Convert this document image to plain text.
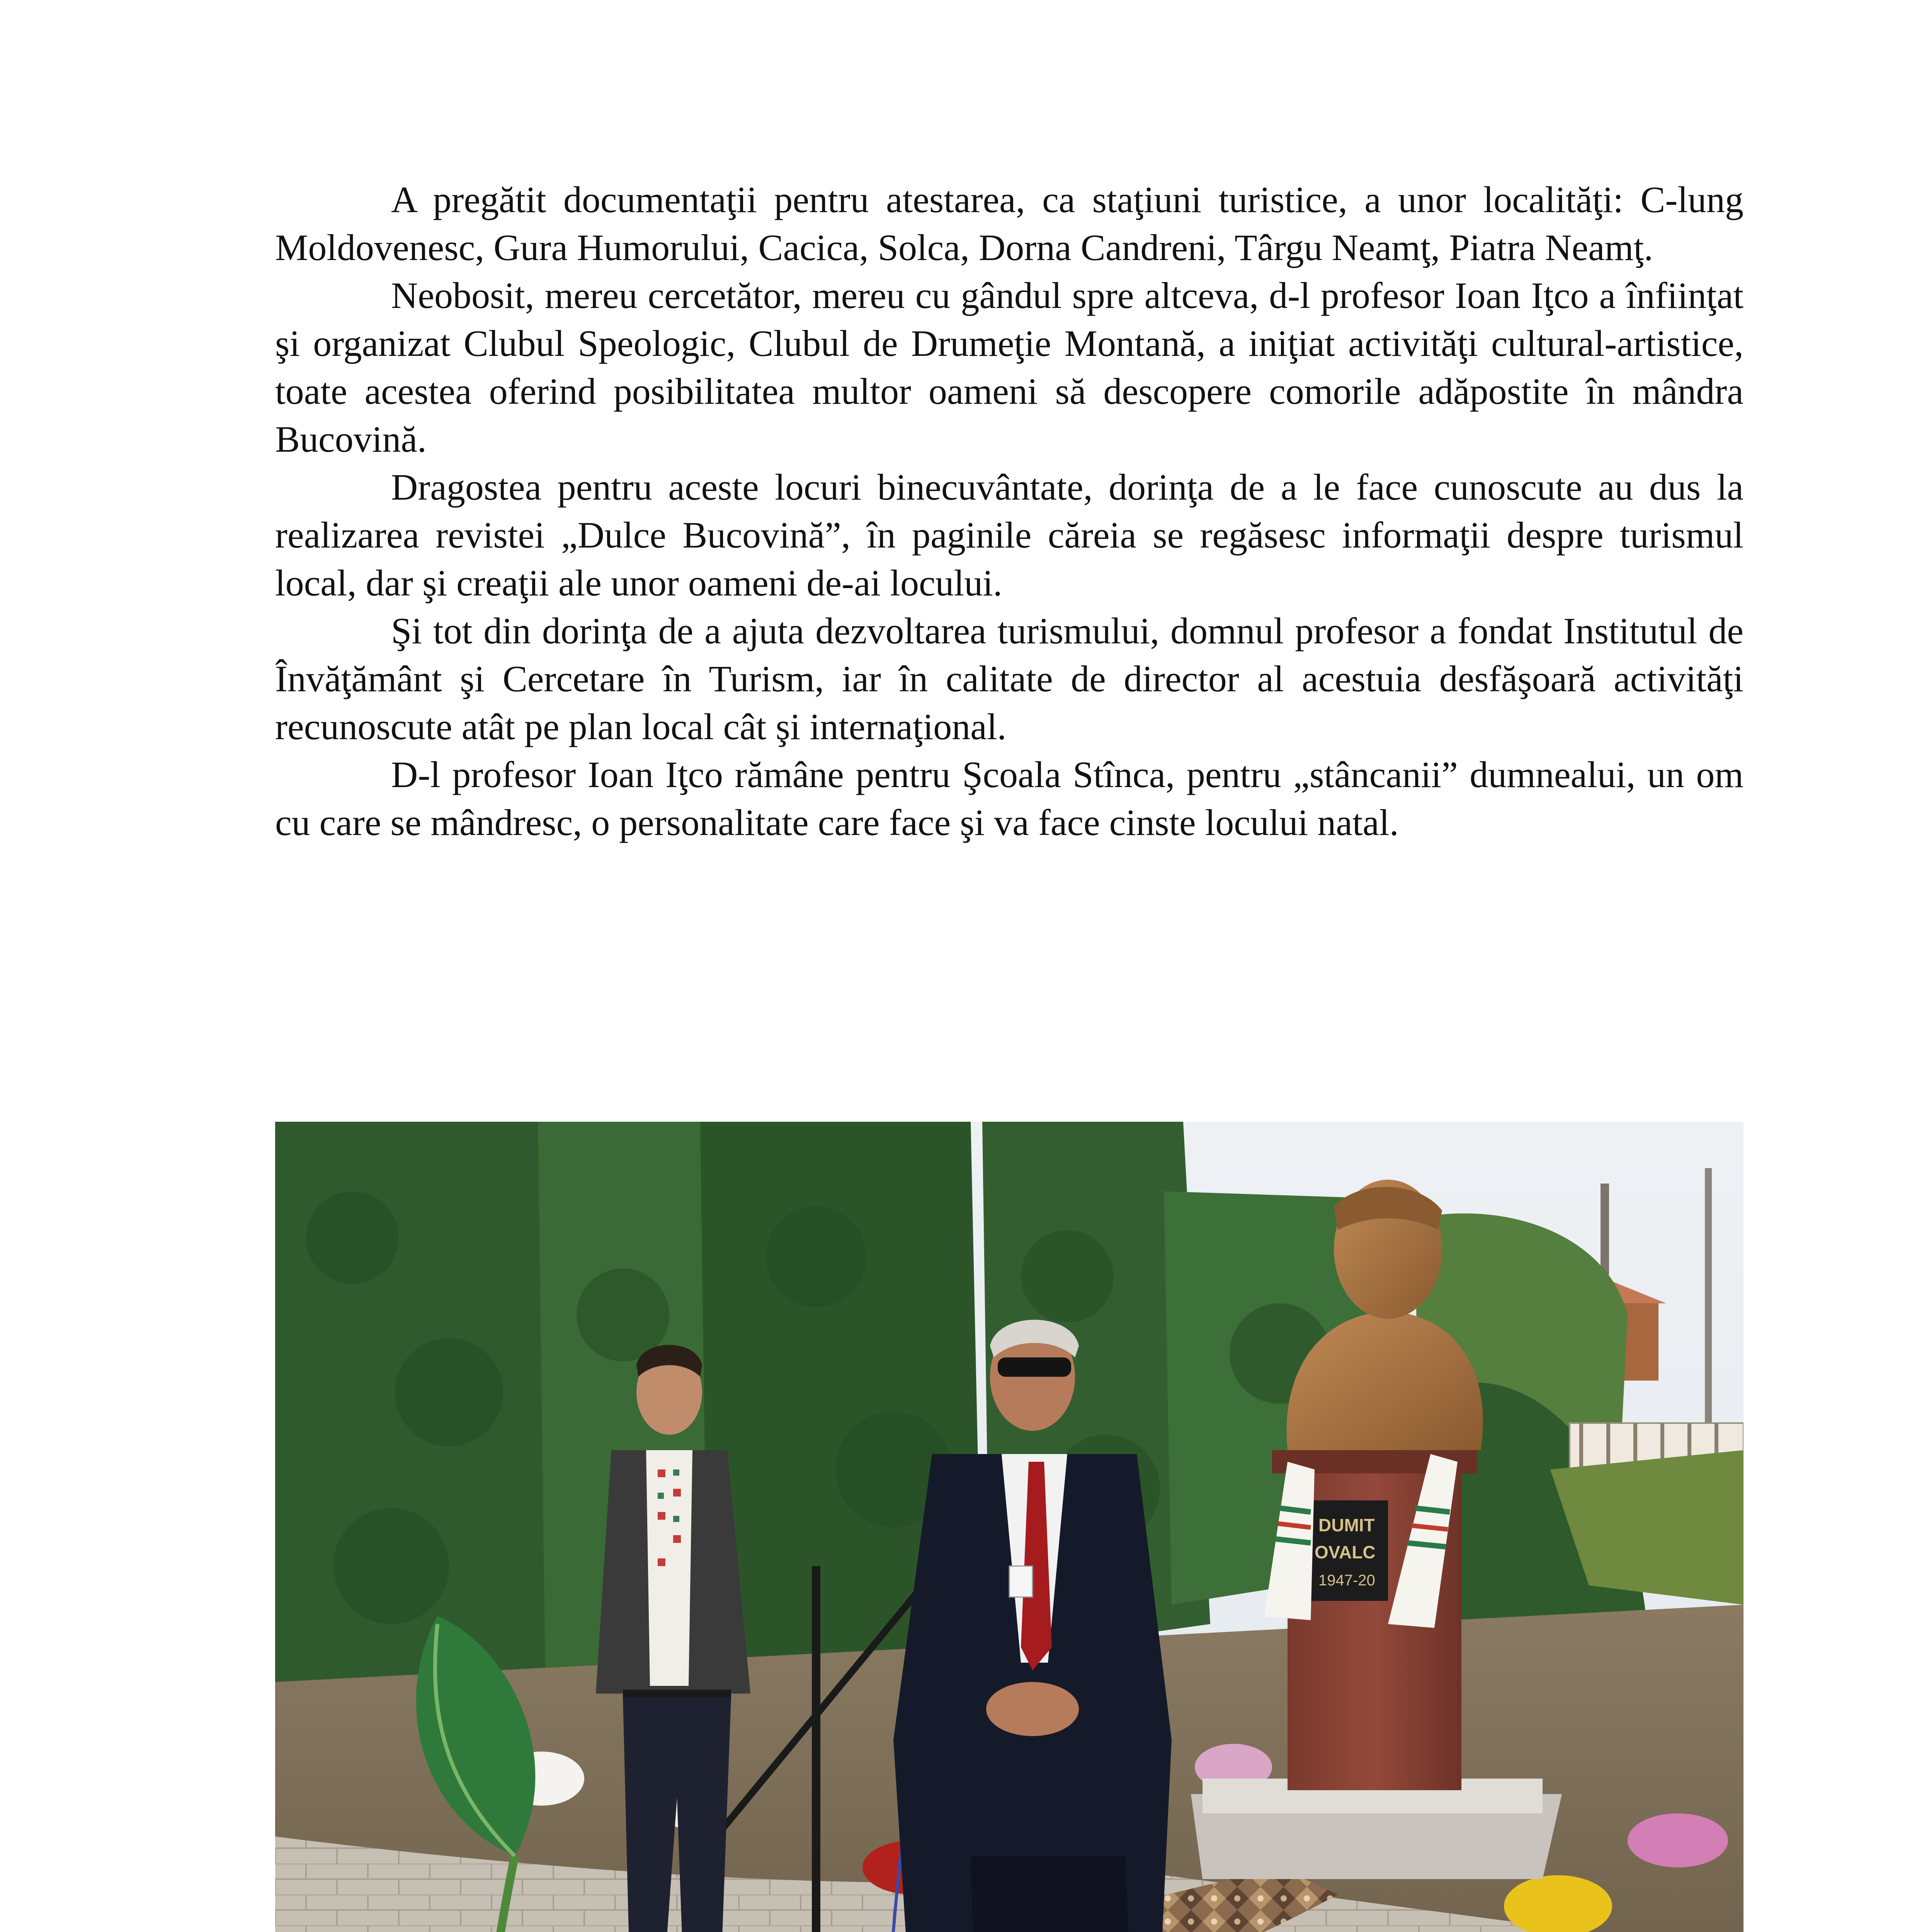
A pregătit documentaţii pentru atestarea, ca staţiuni turistice, a unor localităţi: C-lung Moldovenesc, Gura Humorului, Cacica, Solca, Dorna Candreni, Târgu Neamţ, Piatra Neamţ.

Neobosit, mereu cercetător, mereu cu gândul spre altceva, d-l profesor Ioan Iţco a înfiinţat şi organizat Clubul Speologic, Clubul de Drumeţie Montană, a iniţiat activităţi cultural-artistice, toate acestea oferind posibilitatea multor oameni să descopere comorile adăpostite în mândra Bucovină.

Dragostea pentru aceste locuri binecuvântate, dorinţa de a le face cunoscute au dus la realizarea revistei „Dulce Bucovină”, în paginile căreia se regăsesc informaţii despre turismul local, dar şi creaţii ale unor oameni de-ai locului.

Şi tot din dorinţa de a ajuta dezvoltarea turismului, domnul profesor a fondat Institutul de Învăţământ şi Cercetare în Turism, iar în calitate de director al acestuia desfăşoară activităţi recunoscute atât pe plan local cât şi internaţional.

D-l profesor Ioan Iţco rămâne pentru Şcoala Stînca, pentru „stâncanii” dumnealui, un om cu care se mândresc, o personalitate care face şi va face cinste locului natal.

DUMIT
OVALC
1947-20
